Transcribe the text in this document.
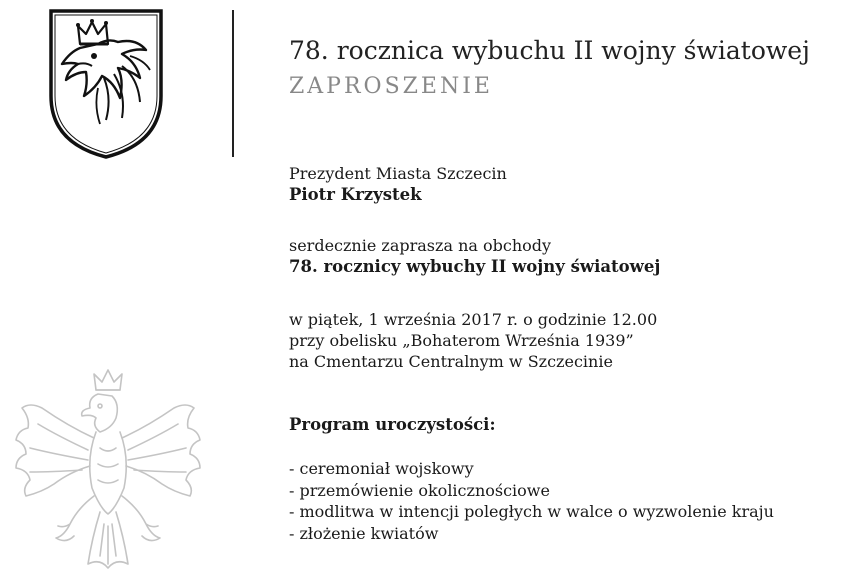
78. rocznica wybuchu II wojny światowej
ZAPROSZENIE
Prezydent Miasta Szczecin
Piotr Krzystek
serdecznie zaprasza na obchody
78. rocznicy wybuchy II wojny światowej
w piątek, 1 września 2017 r. o godzinie 12.00
przy obelisku „Bohaterom Września 1939”
na Cmentarzu Centralnym w Szczecinie
Program uroczystości:
- ceremoniał wojskowy
- przemówienie okolicznościowe
- modlitwa w intencji poległych w walce o wyzwolenie kraju
- złożenie kwiatów
